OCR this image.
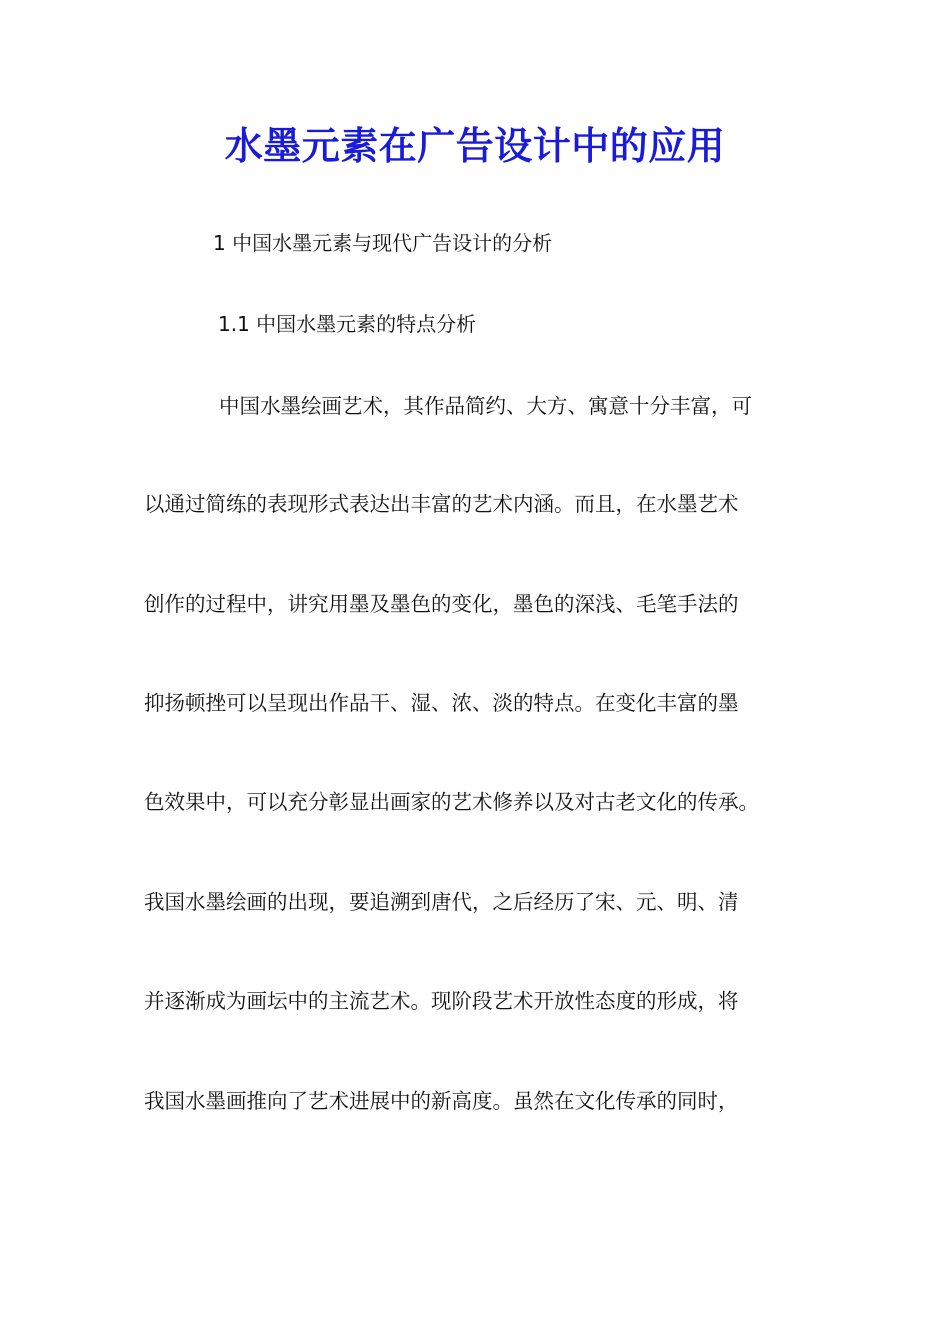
水墨元素在广告设计中的应用
1 中国水墨元素与现代广告设计的分析
1.1 中国水墨元素的特点分析
中国水墨绘画艺术，其作品简约、大方、寓意十分丰富，可
以通过简练的表现形式表达出丰富的艺术内涵。而且，在水墨艺术
创作的过程中，讲究用墨及墨色的变化，墨色的深浅、毛笔手法的
抑扬顿挫可以呈现出作品干、湿、浓、淡的特点。在变化丰富的墨
色效果中，可以充分彰显出画家的艺术修养以及对古老文化的传承。
我国水墨绘画的出现，要追溯到唐代，之后经历了宋、元、明、清
并逐渐成为画坛中的主流艺术。现阶段艺术开放性态度的形成，将
我国水墨画推向了艺术进展中的新高度。虽然在文化传承的同时，
